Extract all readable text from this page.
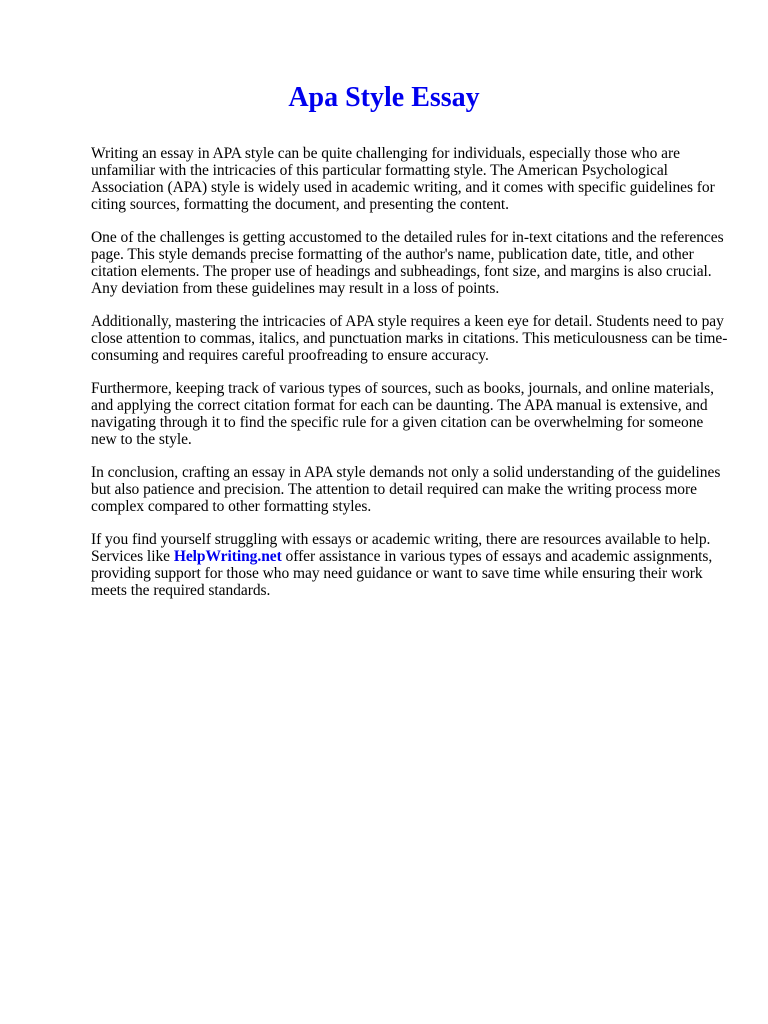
Apa Style Essay

Writing an essay in APA style can be quite challenging for individuals, especially those who are unfamiliar with the intricacies of this particular formatting style. The American Psychological Association (APA) style is widely used in academic writing, and it comes with specific guidelines for citing sources, formatting the document, and presenting the content.

One of the challenges is getting accustomed to the detailed rules for in-text citations and the references page. This style demands precise formatting of the author's name, publication date, title, and other citation elements. The proper use of headings and subheadings, font size, and margins is also crucial. Any deviation from these guidelines may result in a loss of points.

Additionally, mastering the intricacies of APA style requires a keen eye for detail. Students need to pay close attention to commas, italics, and punctuation marks in citations. This meticulousness can be time-consuming and requires careful proofreading to ensure accuracy.

Furthermore, keeping track of various types of sources, such as books, journals, and online materials, and applying the correct citation format for each can be daunting. The APA manual is extensive, and navigating through it to find the specific rule for a given citation can be overwhelming for someone new to the style.

In conclusion, crafting an essay in APA style demands not only a solid understanding of the guidelines but also patience and precision. The attention to detail required can make the writing process more complex compared to other formatting styles.

If you find yourself struggling with essays or academic writing, there are resources available to help. Services like HelpWriting.net offer assistance in various types of essays and academic assignments, providing support for those who may need guidance or want to save time while ensuring their work meets the required standards.
